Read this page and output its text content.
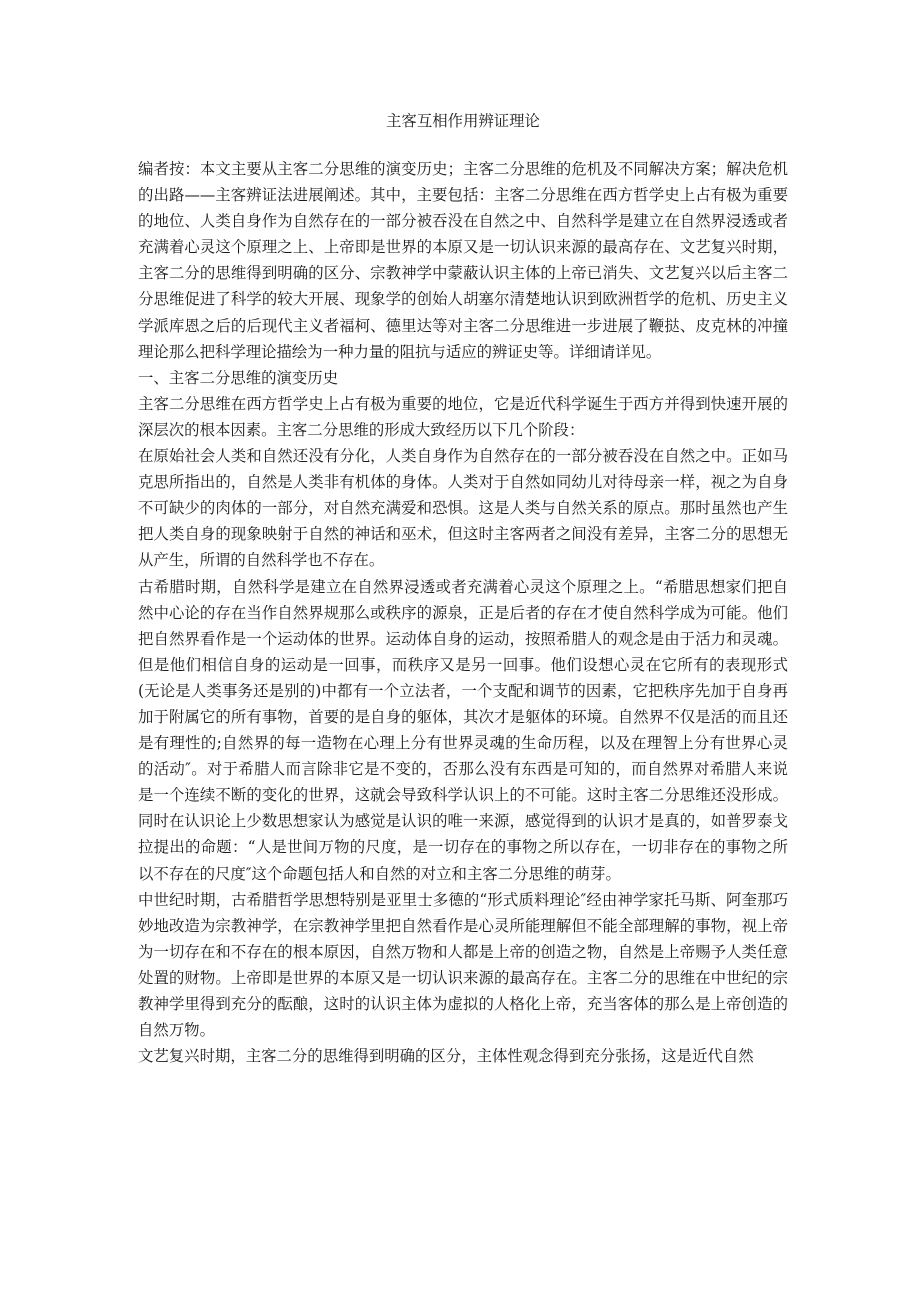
主客互相作用辨证理论

编者按：本文主要从主客二分思维的演变历史；主客二分思维的危机及不同解决方案；解决危机的出路——主客辨证法进展阐述。其中，主要包括：主客二分思维在西方哲学史上占有极为重要的地位、人类自身作为自然存在的一部分被吞没在自然之中、自然科学是建立在自然界浸透或者充满着心灵这个原理之上、上帝即是世界的本原又是一切认识来源的最高存在、文艺复兴时期，主客二分的思维得到明确的区分、宗教神学中蒙蔽认识主体的上帝已消失、文艺复兴以后主客二分思维促进了科学的较大开展、现象学的创始人胡塞尔清楚地认识到欧洲哲学的危机、历史主义学派库恩之后的后现代主义者福柯、德里达等对主客二分思维进一步进展了鞭挞、皮克林的冲撞理论那么把科学理论描绘为一种力量的阻抗与适应的辨证史等。详细请详见。

一、主客二分思维的演变历史

主客二分思维在西方哲学史上占有极为重要的地位，它是近代科学诞生于西方并得到快速开展的深层次的根本因素。主客二分思维的形成大致经历以下几个阶段：

在原始社会人类和自然还没有分化，人类自身作为自然存在的一部分被吞没在自然之中。正如马克思所指出的，自然是人类非有机体的身体。人类对于自然如同幼儿对待母亲一样，视之为自身不可缺少的肉体的一部分，对自然充满爱和恐惧。这是人类与自然关系的原点。那时虽然也产生把人类自身的现象映射于自然的神话和巫术，但这时主客两者之间没有差异，主客二分的思想无从产生，所谓的自然科学也不存在。

古希腊时期，自然科学是建立在自然界浸透或者充满着心灵这个原理之上。“希腊思想家们把自然中心论的存在当作自然界规那么或秩序的源泉，正是后者的存在才使自然科学成为可能。他们把自然界看作是一个运动体的世界。运动体自身的运动，按照希腊人的观念是由于活力和灵魂。但是他们相信自身的运动是一回事，而秩序又是另一回事。他们设想心灵在它所有的表现形式(无论是人类事务还是别的)中都有一个立法者，一个支配和调节的因素，它把秩序先加于自身再加于附属它的所有事物，首要的是自身的躯体，其次才是躯体的环境。自然界不仅是活的而且还是有理性的;自然界的每一造物在心理上分有世界灵魂的生命历程，以及在理智上分有世界心灵的活动″。对于希腊人而言除非它是不变的，否那么没有东西是可知的，而自然界对希腊人来说是一个连续不断的变化的世界，这就会导致科学认识上的不可能。这时主客二分思维还没形成。同时在认识论上少数思想家认为感觉是认识的唯一来源，感觉得到的认识才是真的，如普罗泰戈拉提出的命题：“人是世间万物的尺度，是一切存在的事物之所以存在，一切非存在的事物之所以不存在的尺度″这个命题包括人和自然的对立和主客二分思维的萌芽。

中世纪时期，古希腊哲学思想特别是亚里士多德的“形式质料理论″经由神学家托马斯、阿奎那巧妙地改造为宗教神学，在宗教神学里把自然看作是心灵所能理解但不能全部理解的事物，视上帝为一切存在和不存在的根本原因，自然万物和人都是上帝的创造之物，自然是上帝赐予人类任意处置的财物。上帝即是世界的本原又是一切认识来源的最高存在。主客二分的思维在中世纪的宗教神学里得到充分的酝酿，这时的认识主体为虚拟的人格化上帝，充当客体的那么是上帝创造的自然万物。

文艺复兴时期，主客二分的思维得到明确的区分，主体性观念得到充分张扬，这是近代自然
